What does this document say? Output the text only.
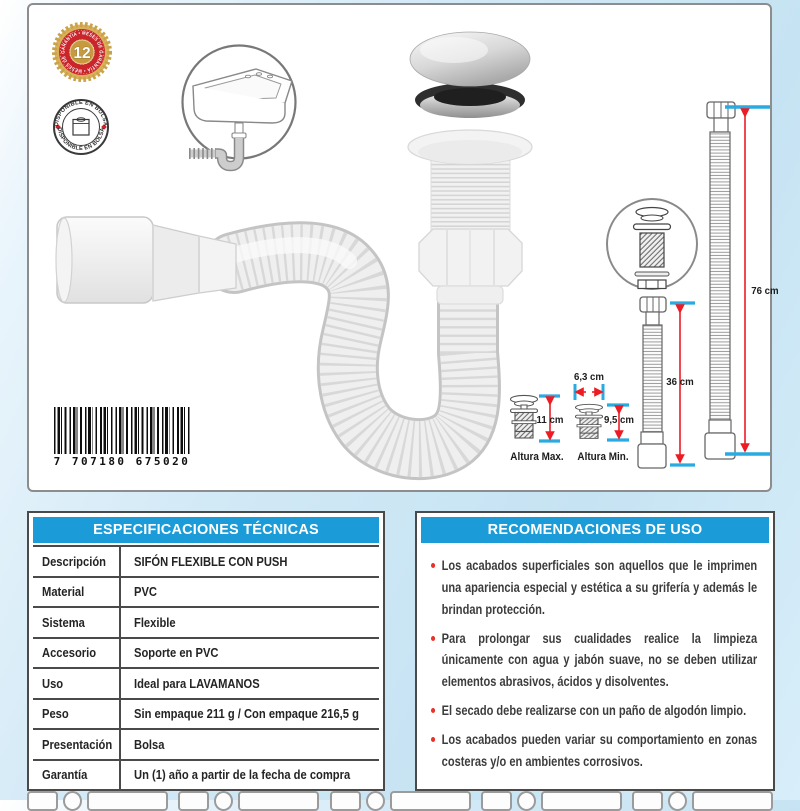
MESES DE GARANTÍA • MESES DE GARANTÍA •
12
DISPONIBLE EN BOLSA
DISPONIBLE EN BOLSA
76 cm
36 cm
6,3 cm
11 cm	9,5 cm
Altura Max. Altura Min.
7 707180 675020
ESPECIFICACIONES TÉCNICAS
Descripción SIFÓN FLEXIBLE CON PUSH
Material	PVC
Sistema	Flexible
Accesorio	Soporte en PVC
Uso	Ideal para LAVAMANOS
Peso	Sin empaque 211 g / Con empaque 216,5 g
Presentación Bolsa
Garantía	Un (1) año a partir de la fecha de compra
RECOMENDACIONES DE USO
Los acabados superficiales son aquellos que le imprimen una apariencia especial y estética a su grifería y además le brindan protección.
Para prolongar sus cualidades realice la limpieza únicamente con agua y jabón suave, no se deben utilizar elementos abrasivos, ácidos y disolventes.
El secado debe realizarse con un paño de algodón limpio.
Los acabados pueden variar su comportamiento en zonas costeras y/o en ambientes corrosivos.
